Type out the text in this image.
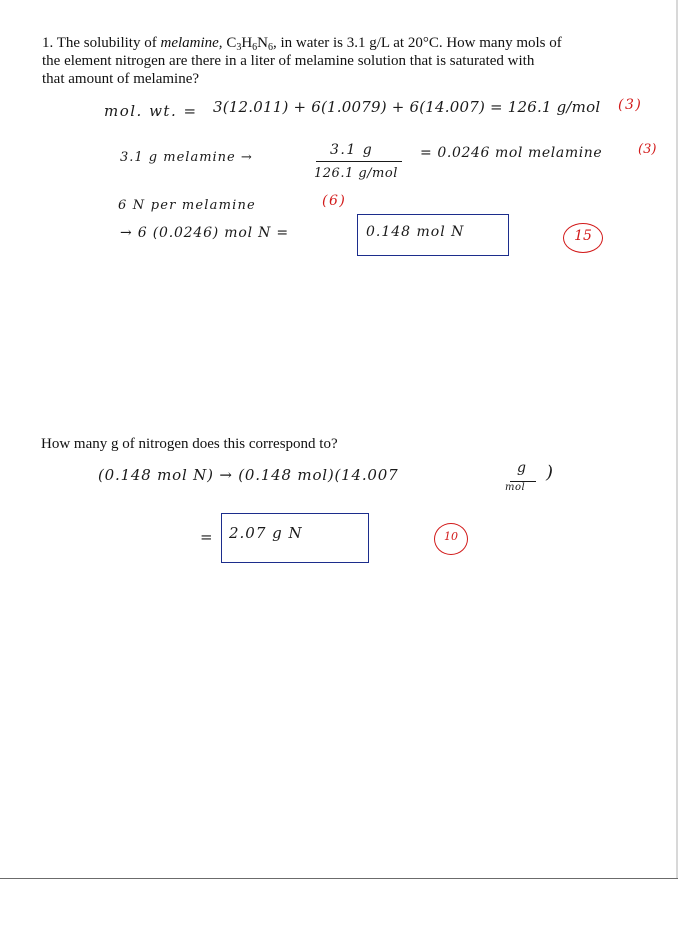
1. The solubility of melamine, $C_3H_6N_6$, in water is 3.1 g/L at 20°C. How many mols of
the element nitrogen are there in a liter of melamine solution that is saturated with
that amount of melamine?
mol. wt. = 3(12.011) + 6(1.0079) + 6(14.007) = 126.1 g/mol (3)
3.1 g melamine →	3.1 g
126.1 g/mol
= 0.0246 mol melamine	(3)
6 N per melamine	(6)
→ 6 (0.0246) mol N =	0.148 mol N	15
How many g of nitrogen does this correspond to?
(0.148 mol N) → (0.148 mol)(14.007	g
mol
)
= 2.07 g N	10
